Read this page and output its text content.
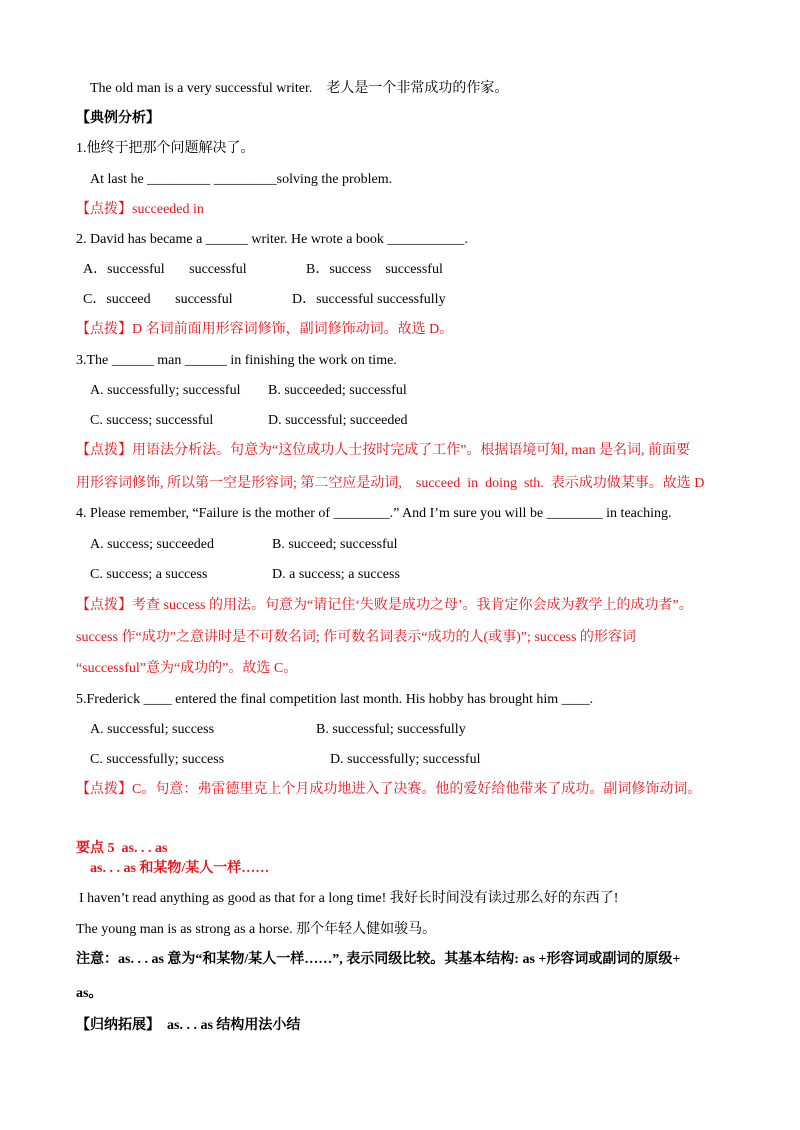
The old man is a very successful writer.    老人是一个非常成功的作家。
【典例分析】
1.他终于把那个问题解决了。
At last he _________ _________solving the problem.
【点拨】succeeded in
2. David has became a ______ writer. He wrote a book ___________.
A．successful       successful	B．success    successful
C．succeed       successful	D．successful successfully
【点拨】D 名词前面用形容词修饰，副词修饰动词。故选 D。
3.The ______ man ______ in finishing the work on time.
A. successfully; successful B. succeeded; successful
C. success; successful	D. successful; succeeded
【点拨】用语法分析法。句意为“这位成功人士按时完成了工作”。根据语境可知, man 是名词, 前面要
用形容词修饰, 所以第一空是形容词; 第二空应是动词,    succeed  in  doing  sth.  表示成功做某事。故选 D
4. Please remember, “Failure is the mother of ________.” And I’m sure you will be ________ in teaching.
A. success; succeeded	B. succeed; successful
C. success; a success	D. a success; a success
【点拨】考查 success 的用法。句意为“请记住‘失败是成功之母’。我肯定你会成为教学上的成功者”。
success 作“成功”之意讲时是不可数名词; 作可数名词表示“成功的人(或事)”; success 的形容词
“successful”意为“成功的”。故选 C。
5.Frederick ____ entered the final competition last month. His hobby has brought him ____.
A. successful; success	B. successful; successfully
C. successfully; success	D. successfully; successful
【点拨】C。句意：弗雷德里克上个月成功地进入了决赛。他的爱好给他带来了成功。副词修饰动词。
要点 5  as. . . as
as. . . as 和某物/某人一样……
I haven’t read anything as good as that for a long time! 我好长时间没有读过那么好的东西了!
The young man is as strong as a horse. 那个年轻人健如骏马。
注意：as. . . as 意为“和某物/某人一样……”, 表示同级比较。其基本结构: as +形容词或副词的原级+
as。
【归纳拓展】  as. . . as 结构用法小结
